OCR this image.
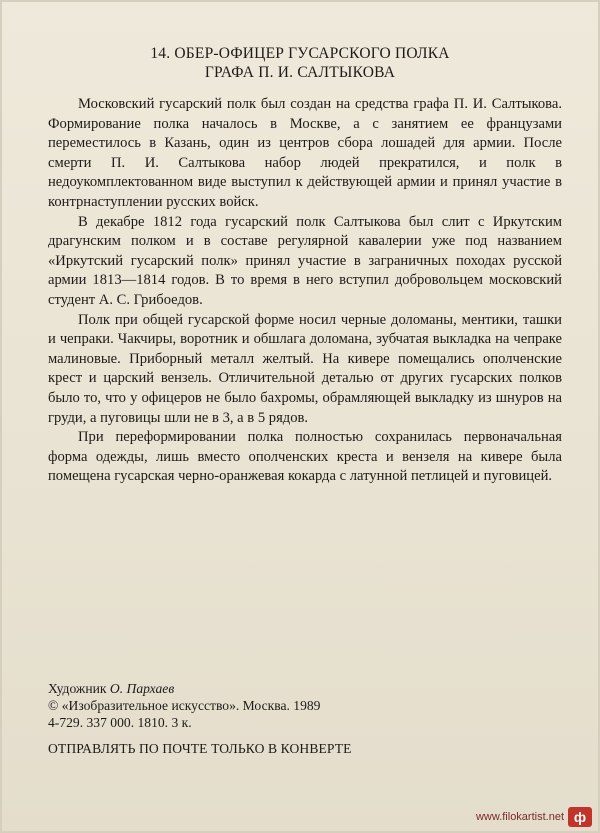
14. ОБЕР-ОФИЦЕР ГУСАРСКОГО ПОЛКА
ГРАФА П. И. САЛТЫКОВА

Московский гусарский полк был создан на средства графа П. И. Салтыкова. Формирование полка началось в Москве, а с занятием ее французами переместилось в Казань, один из центров сбора лошадей для армии. После смерти П. И. Салтыкова набор людей прекратился, и полк в недоукомплектованном виде выступил к действующей армии и принял участие в контрнаступлении русских войск.

В декабре 1812 года гусарский полк Салтыкова был слит с Иркутским драгунским полком и в составе регулярной кавалерии уже под названием «Иркутский гусарский полк» принял участие в заграничных походах русской армии 1813—1814 годов. В то время в него вступил добровольцем московский студент А. С. Грибоедов.

Полк при общей гусарской форме носил черные доломаны, ментики, ташки и чепраки. Чакчиры, воротник и обшлага доломана, зубчатая выкладка на чепраке малиновые. Приборный металл желтый. На кивере помещались ополченские крест и царский вензель. Отличительной деталью от других гусарских полков было то, что у офицеров не было бахромы, обрамляющей выкладку из шнуров на груди, а пуговицы шли не в 3, а в 5 рядов.

При переформировании полка полностью сохранилась первоначальная форма одежды, лишь вместо ополченских креста и вензеля на кивере была помещена гусарская черно-оранжевая кокарда с латунной петлицей и пуговицей.

Художник О. Пархаев
© «Изобразительное искусство». Москва. 1989
4-729. 337 000. 1810. 3 к.
ОТПРАВЛЯТЬ ПО ПОЧТЕ ТОЛЬКО В КОНВЕРТЕ
www.filokartist.net ф
